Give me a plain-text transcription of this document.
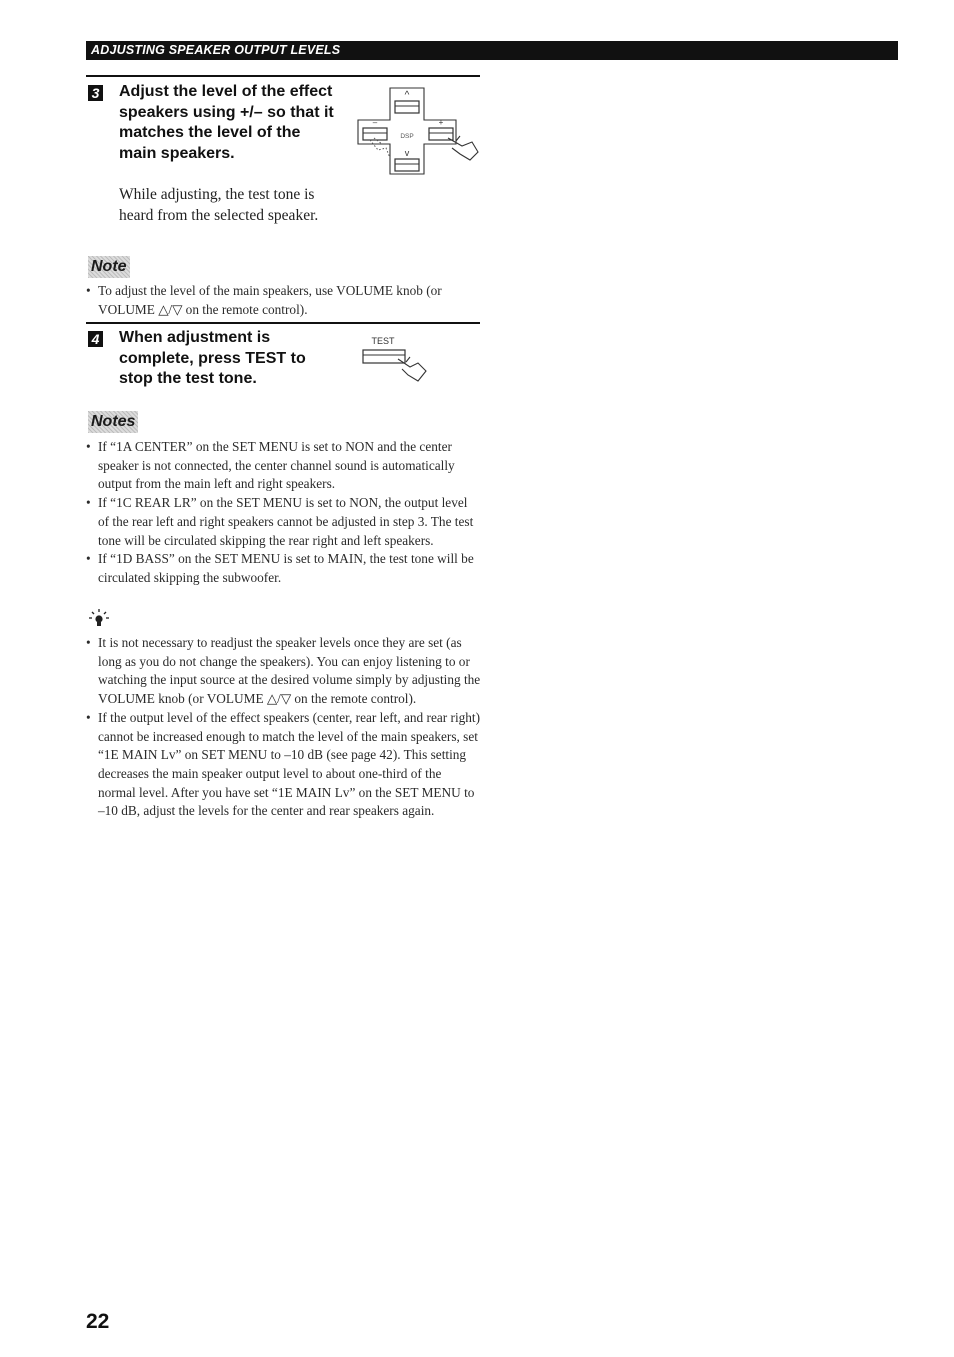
ADJUSTING SPEAKER OUTPUT LEVELS
3 Adjust the level of the effect speakers using +/– so that it matches the level of the main speakers.

While adjusting, the test tone is heard from the selected speaker.

^
v
–	+
DSP
Note
• To adjust the level of the main speakers, use VOLUME knob (or VOLUME △/▽ on the remote control).
4 When adjustment is complete, press TEST to stop the test tone.

TEST
Notes
• If “1A CENTER” on the SET MENU is set to NON and the center speaker is not connected, the center channel sound is automatically output from the main left and right speakers.
• If “1C REAR LR” on the SET MENU is set to NON, the output level of the rear left and right speakers cannot be adjusted in step 3. The test tone will be circulated skipping the rear right and left speakers.
• If “1D BASS” on the SET MENU is set to MAIN, the test tone will be circulated skipping the subwoofer.
• It is not necessary to readjust the speaker levels once they are set (as long as you do not change the speakers). You can enjoy listening to or watching the input source at the desired volume simply by adjusting the VOLUME knob (or VOLUME △/▽ on the remote control).
• If the output level of the effect speakers (center, rear left, and rear right) cannot be increased enough to match the level of the main speakers, set “1E MAIN Lv” on SET MENU to –10 dB (see page 42). This setting decreases the main speaker output level to about one-third of the normal level. After you have set “1E MAIN Lv” on the SET MENU to –10 dB, adjust the levels for the center and rear speakers again.
22
